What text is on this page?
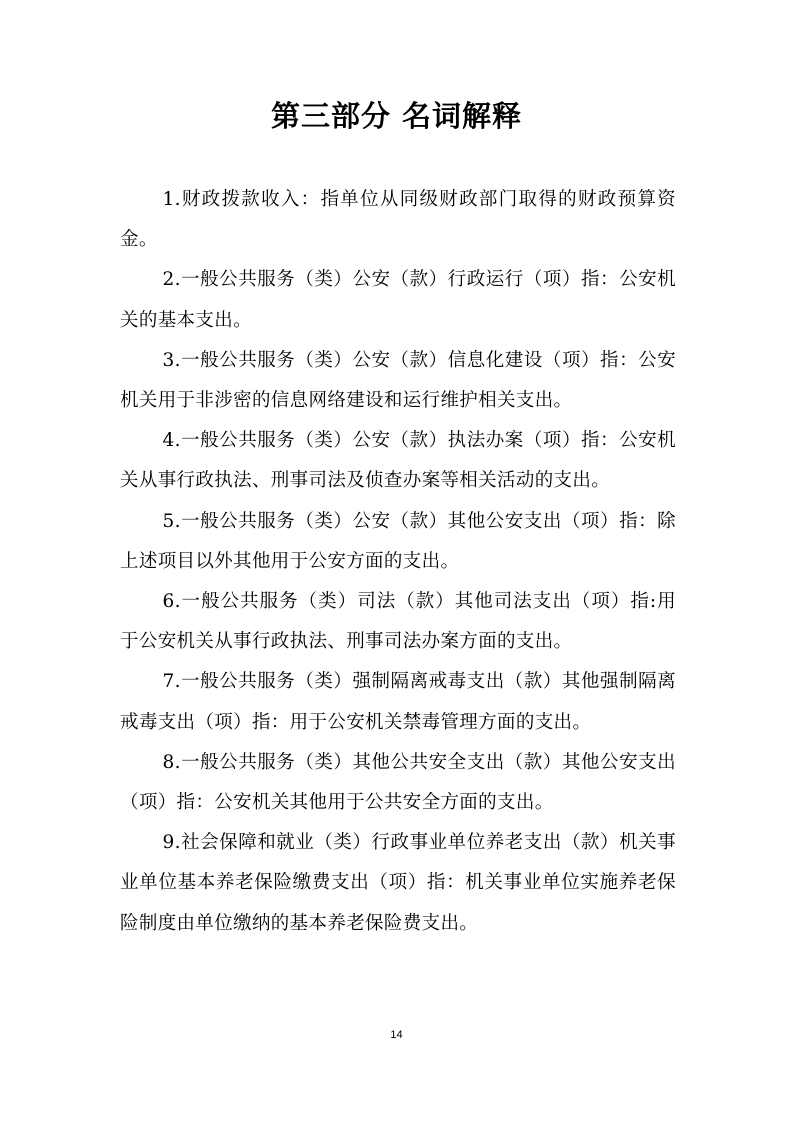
第三部分 名词解释

1.财政拨款收入：指单位从同级财政部门取得的财政预算资金。

2.一般公共服务（类）公安（款）行政运行（项）指：公安机关的基本支出。

3.一般公共服务（类）公安（款）信息化建设（项）指：公安机关用于非涉密的信息网络建设和运行维护相关支出。

4.一般公共服务（类）公安（款）执法办案（项）指：公安机关从事行政执法、刑事司法及侦查办案等相关活动的支出。

5.一般公共服务（类）公安（款）其他公安支出（项）指：除上述项目以外其他用于公安方面的支出。

6.一般公共服务（类）司法（款）其他司法支出（项）指:用于公安机关从事行政执法、刑事司法办案方面的支出。

7.一般公共服务（类）强制隔离戒毒支出（款）其他强制隔离戒毒支出（项）指：用于公安机关禁毒管理方面的支出。

8.一般公共服务（类）其他公共安全支出（款）其他公安支出（项）指：公安机关其他用于公共安全方面的支出。

9.社会保障和就业（类）行政事业单位养老支出（款）机关事业单位基本养老保险缴费支出（项）指：机关事业单位实施养老保险制度由单位缴纳的基本养老保险费支出。

14
